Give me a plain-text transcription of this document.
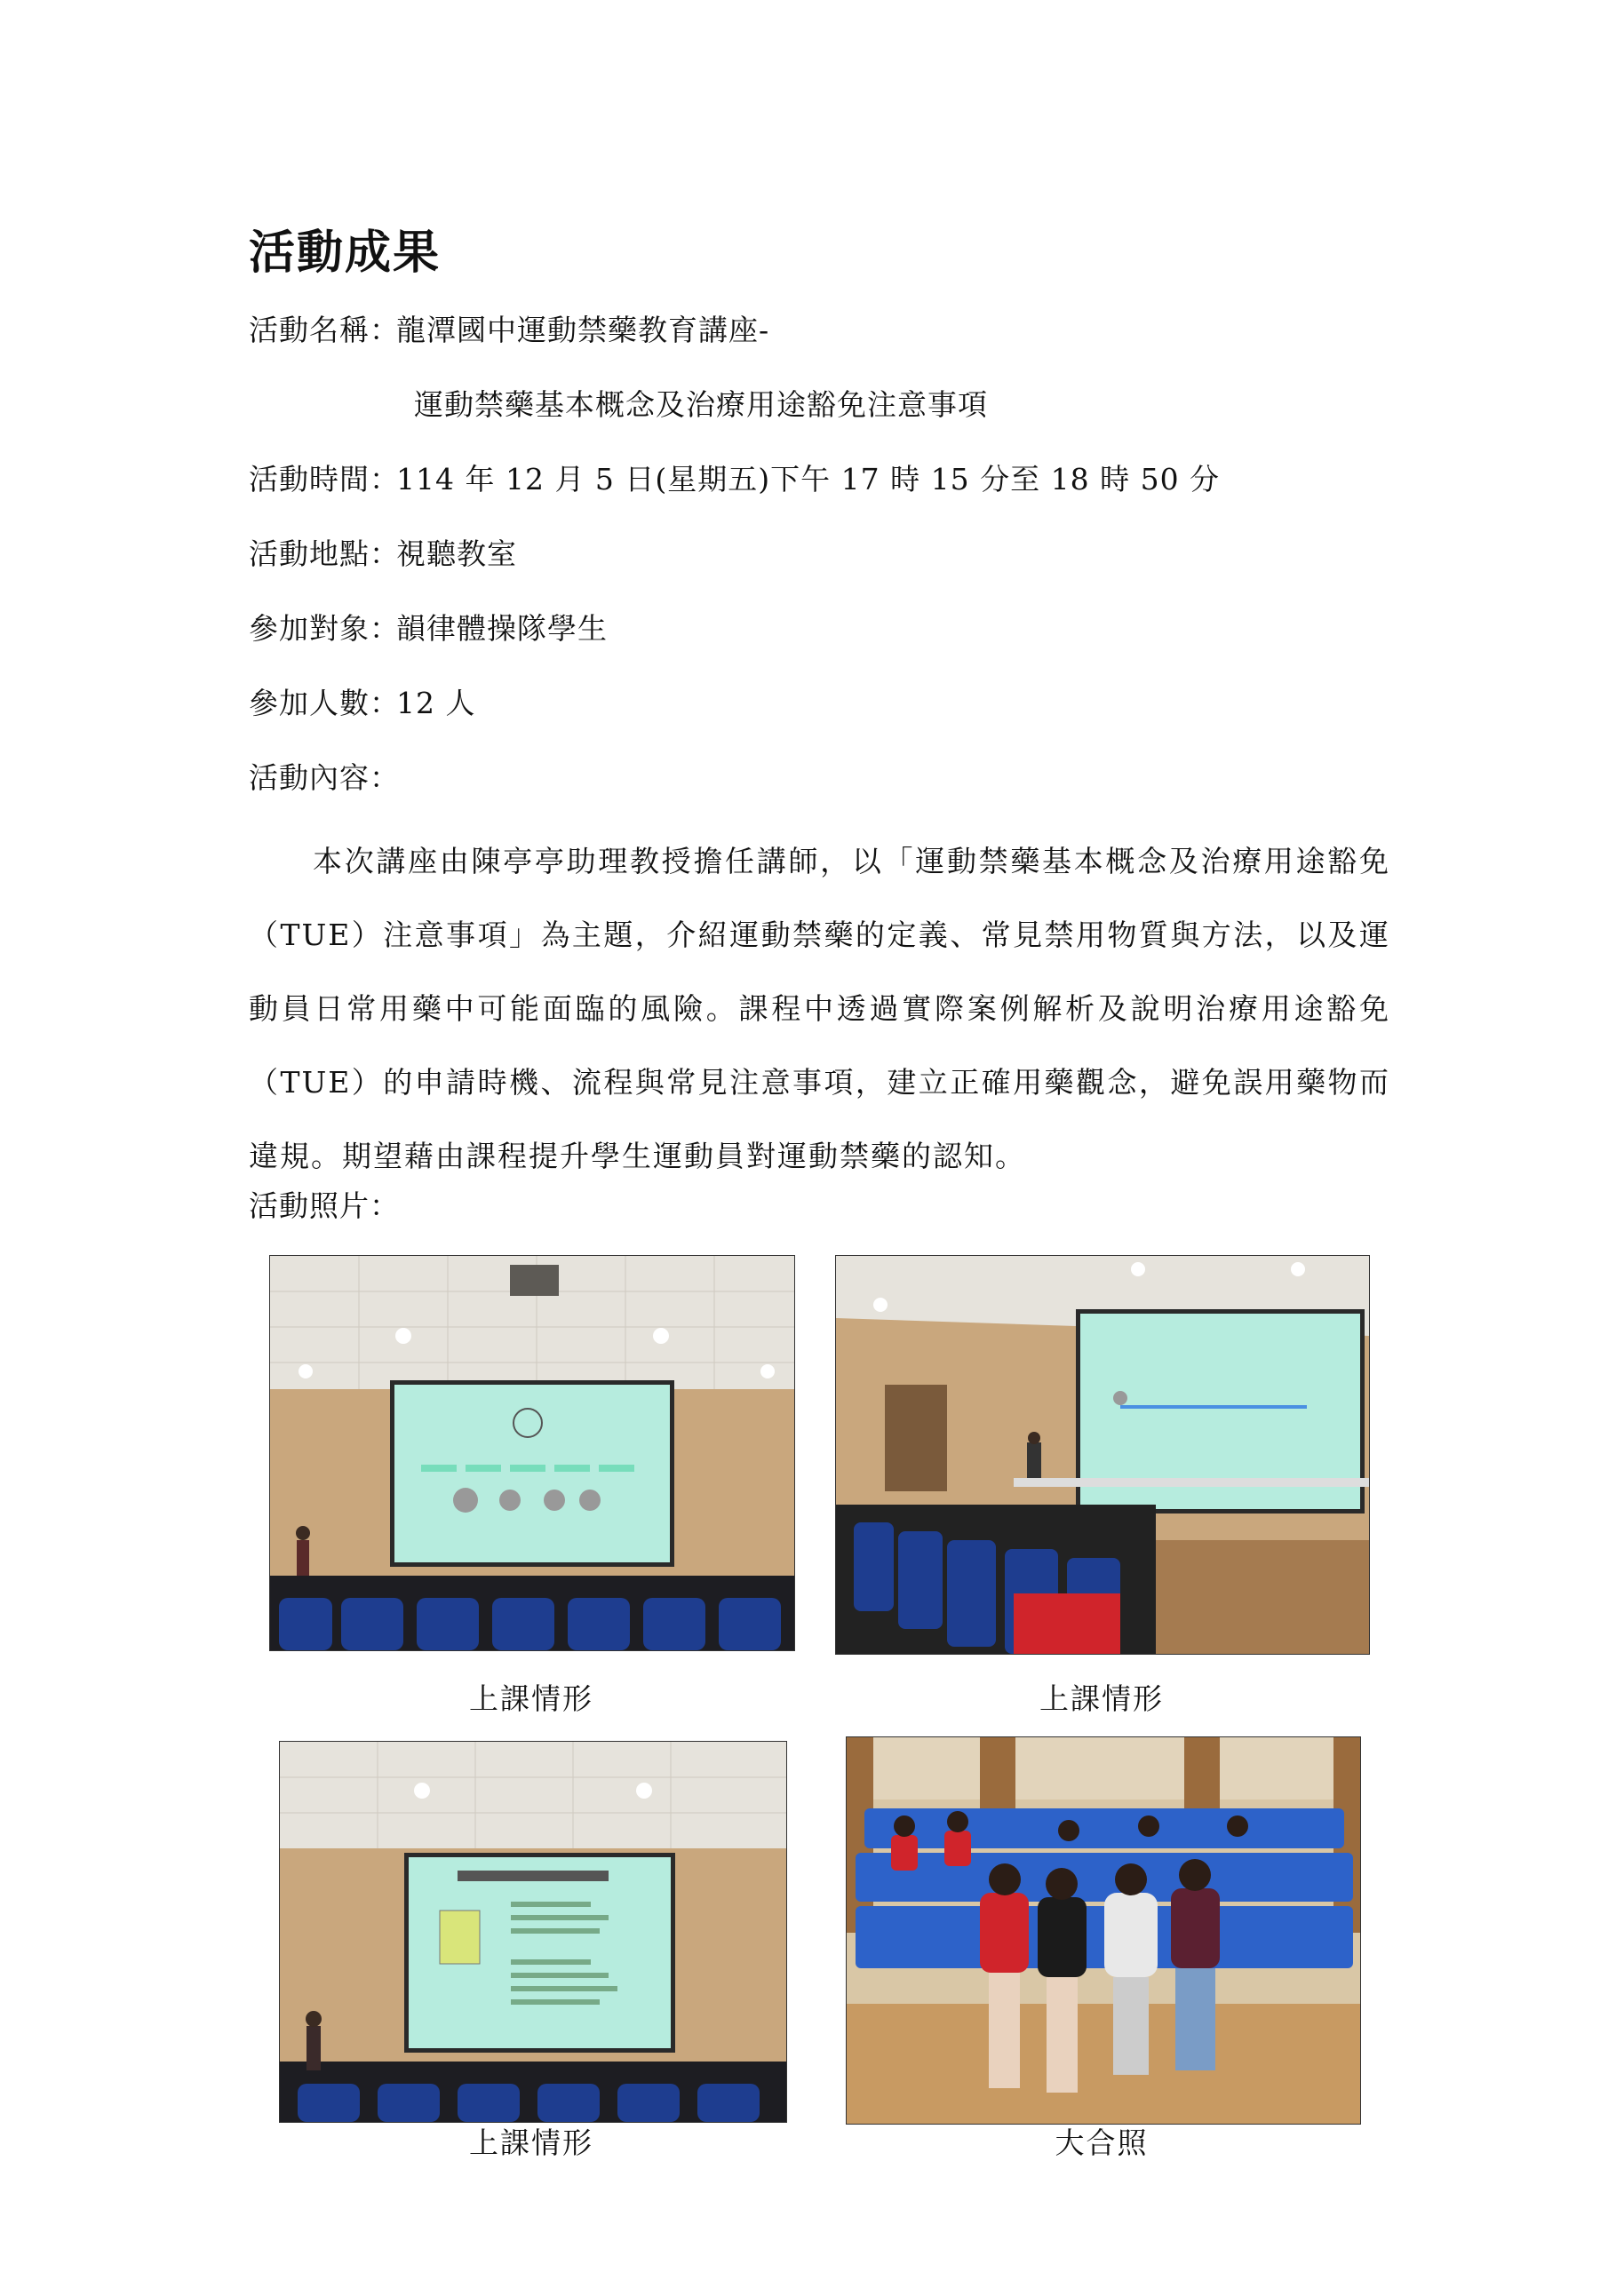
活動成果
活動名稱：
龍潭國中運動禁藥教育講座-
運動禁藥基本概念及治療用途豁免注意事項
活動時間：
114 年 12 月 5 日(星期五)下午 17 時 15 分至 18 時 50 分
活動地點：
視聽教室
參加對象：
韻律體操隊學生
參加人數：
12 人
活動內容：
本次講座由陳亭亭助理教授擔任講師，以「運動禁藥基本概念及治療用途豁免（TUE）注意事項」為主題，介紹運動禁藥的定義、常見禁用物質與方法，以及運動員日常用藥中可能面臨的風險。課程中透過實際案例解析及說明治療用途豁免（TUE）的申請時機、流程與常見注意事項，建立正確用藥觀念，避免誤用藥物而違規。期望藉由課程提升學生運動員對運動禁藥的認知。
活動照片：
上課情形	上課情形
上課情形	大合照
